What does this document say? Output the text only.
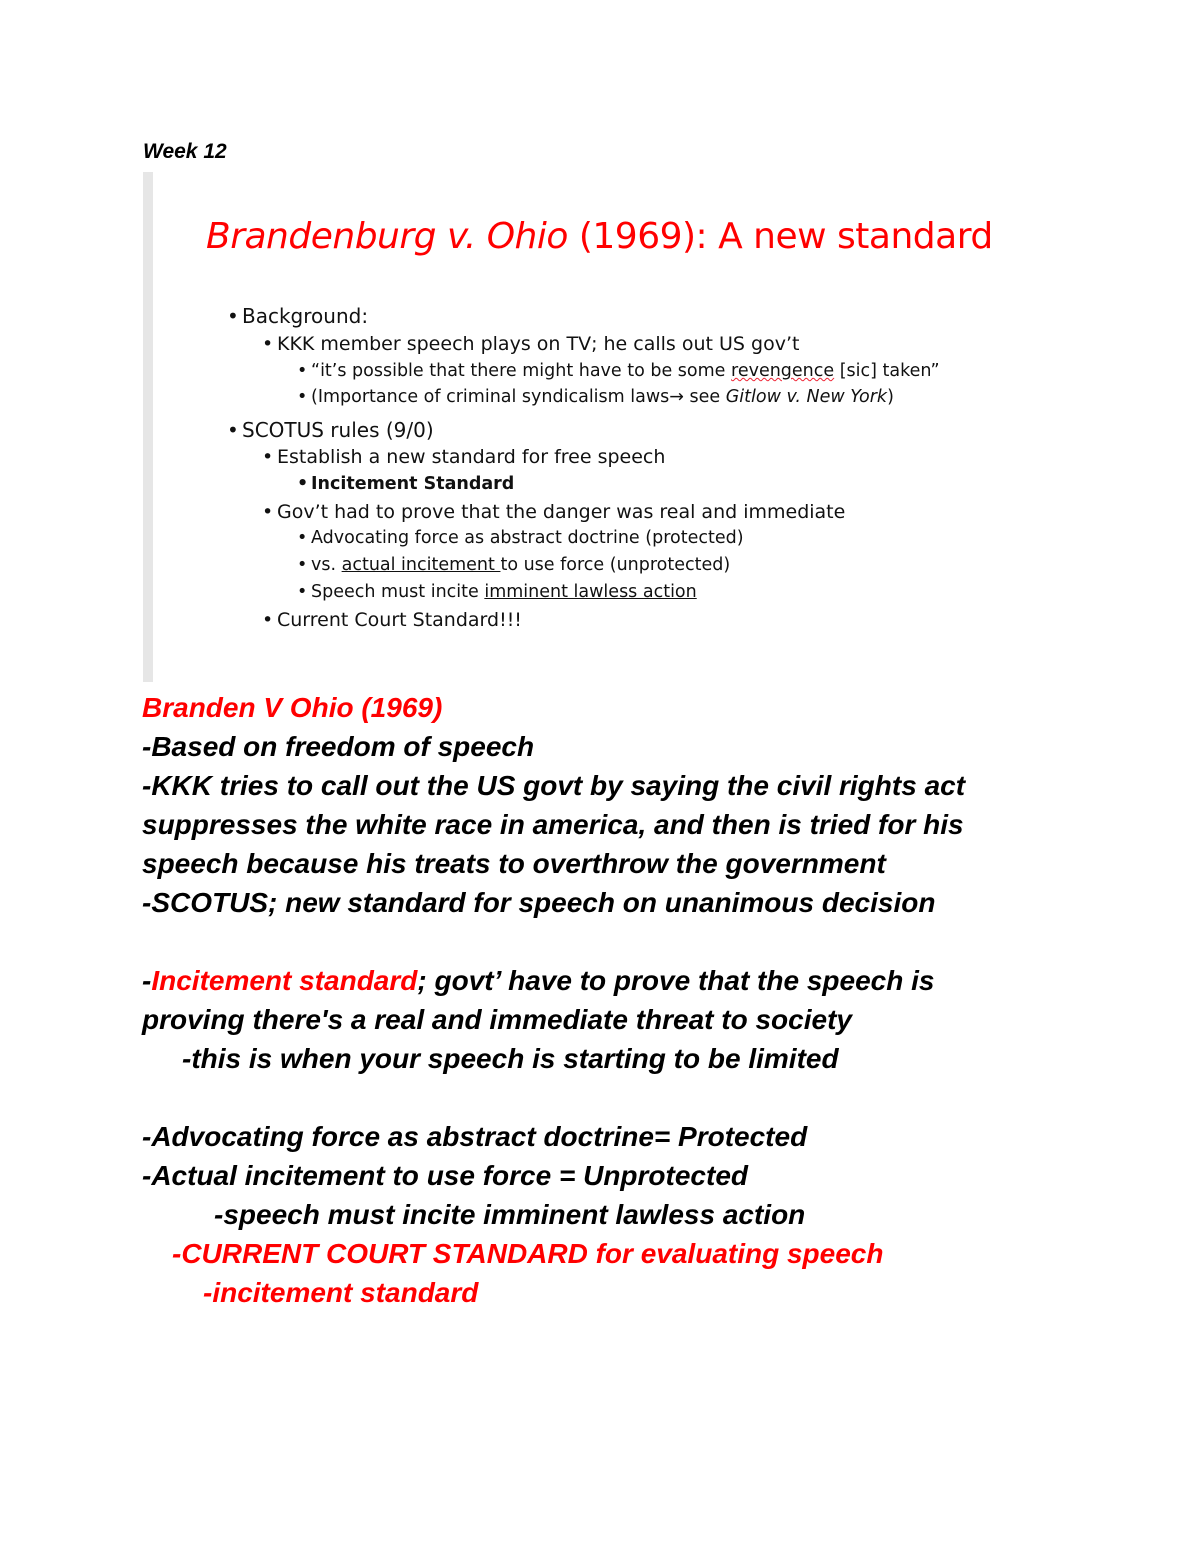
Week 12
Brandenburg v. Ohio (1969): A new standard
• Background:
• KKK member speech plays on TV; he calls out US gov’t
• “it’s possible that there might have to be some revengence [sic] taken”
• (Importance of criminal syndicalism laws→ see Gitlow v. New York)
• SCOTUS rules (9/0)
• Establish a new standard for free speech
• Incitement Standard
• Gov’t had to prove that the danger was real and immediate
• Advocating force as abstract doctrine (protected)
• vs. actual incitement to use force (unprotected)
• Speech must incite imminent lawless action
• Current Court Standard!!!
Branden V Ohio (1969)
-Based on freedom of speech
-KKK tries to call out the US govt by saying the civil rights act
suppresses the white race in america, and then is tried for his
speech because his treats to overthrow the government
-SCOTUS; new standard for speech on unanimous decision
-Incitement standard; govt’ have to prove that the speech is
proving there's a real and immediate threat to society
-this is when your speech is starting to be limited
-Advocating force as abstract doctrine= Protected
-Actual incitement to use force = Unprotected
-speech must incite imminent lawless action
-CURRENT COURT STANDARD for evaluating speech
-incitement standard
